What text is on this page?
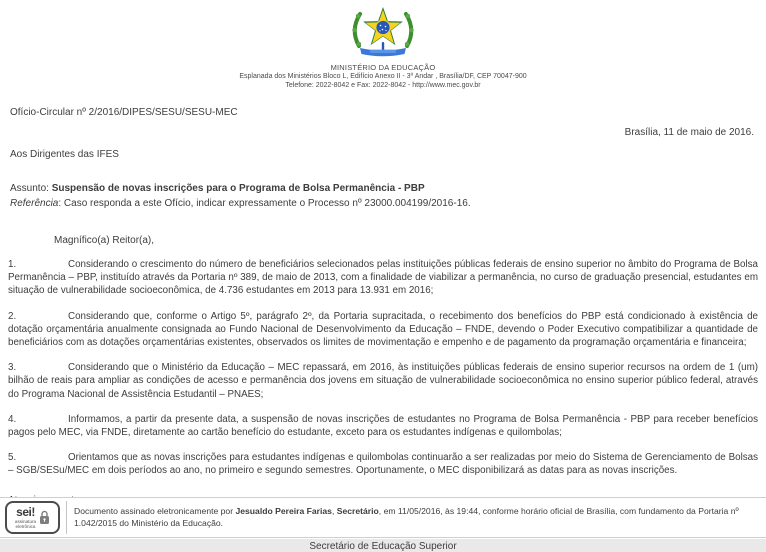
MINISTÉRIO DA EDUCAÇÃO
Esplanada dos Ministérios Bloco L, Edifício Anexo II - 3º Andar , Brasília/DF, CEP 70047-900
Telefone: 2022-8042 e Fax: 2022-8042 - http://www.mec.gov.br
Ofício-Circular nº 2/2016/DIPES/SESU/SESU-MEC
Brasília, 11 de maio de 2016.
Aos Dirigentes das IFES
Assunto: Suspensão de novas inscrições para o Programa de Bolsa Permanência - PBP
Referência: Caso responda a este Ofício, indicar expressamente o Processo nº 23000.004199/2016-16.
Magnífico(a) Reitor(a),

1.	Considerando o crescimento do número de beneficiários selecionados pelas instituições públicas federais de ensino superior no âmbito do Programa de Bolsa Permanência – PBP, instituído através da Portaria nº 389, de maio de 2013, com a finalidade de viabilizar a permanência, no curso de graduação presencial, estudantes em situação de vulnerabilidade socioeconômica, de 4.736 estudantes em 2013 para 13.931 em 2016;

2.	Considerando que, conforme o Artigo 5º, parágrafo 2º, da Portaria supracitada, o recebimento dos benefícios do PBP está condicionado à existência de dotação orçamentária anualmente consignada ao Fundo Nacional de Desenvolvimento da Educação – FNDE, devendo o Poder Executivo compatibilizar a quantidade de beneficiários com as dotações orçamentárias existentes, observados os limites de movimentação e empenho e de pagamento da programação orçamentária e financeira;

3.	Considerando que o Ministério da Educação – MEC repassará, em 2016, às instituições públicas federais de ensino superior recursos na ordem de 1 (um) bilhão de reais para ampliar as condições de acesso e permanência dos jovens em situação de vulnerabilidade socioeconômica no ensino superior público federal, através do Programa Nacional de Assistência Estudantil – PNAES;

4.	Informamos, a partir da presente data, a suspensão de novas inscrições de estudantes no Programa de Bolsa Permanência - PBP para receber benefícios pagos pelo MEC, via FNDE, diretamente ao cartão benefício do estudante, exceto para os estudantes indígenas e quilombolas;

5.	Orientamos que as novas inscrições para estudantes indígenas e quilombolas continuarão a ser realizadas por meio do Sistema de Gerenciamento de Bolsas – SGB/SESu/MEC em dois períodos ao ano, no primeiro e segundo semestres. Oportunamente, o MEC disponibilizará as datas para as novas inscrições.

Secretário de Educação Superior
sei!
assinatura
eletrônica

Documento assinado eletronicamente por Jesualdo Pereira Farias, Secretário, em 11/05/2016, às 19:44, conforme horário oficial de Brasília, com fundamento da Portaria nº 1.042/2015 do Ministério da Educação.
